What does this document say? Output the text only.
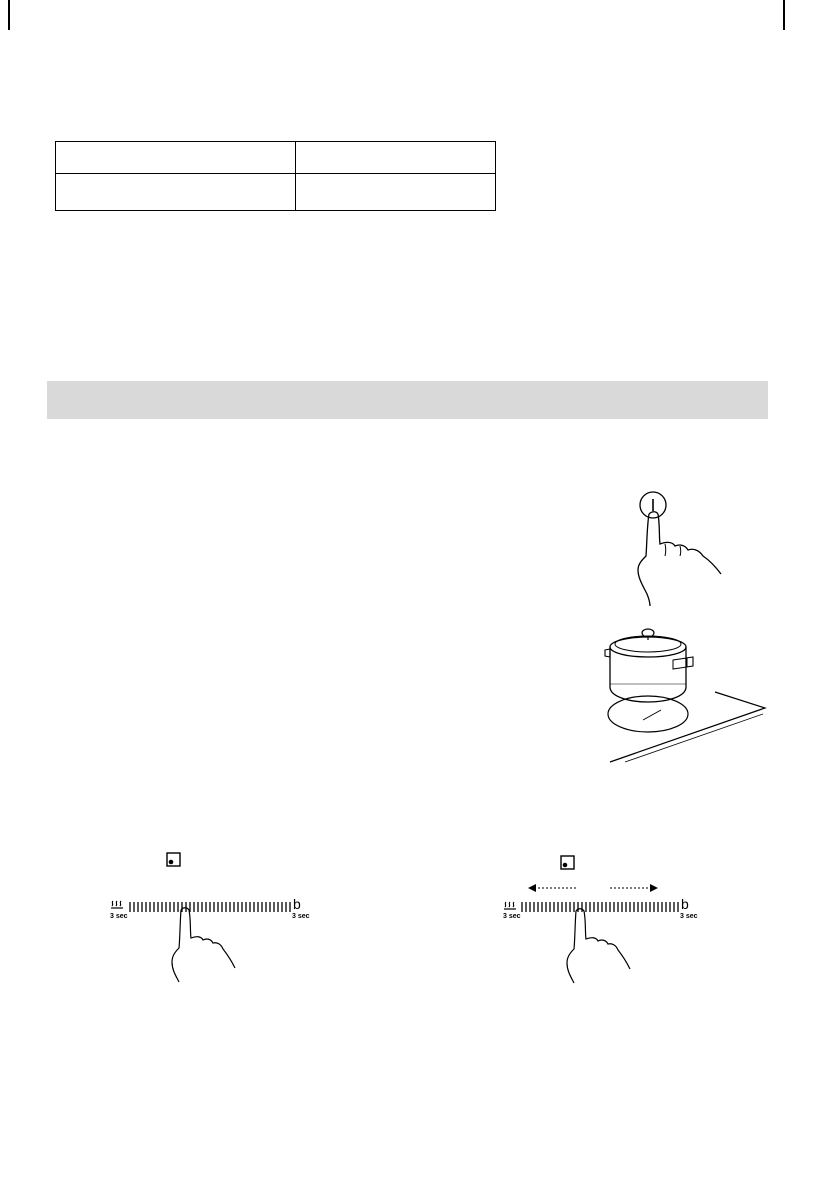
3 sec
b
3 sec	3 sec
b
3 sec
